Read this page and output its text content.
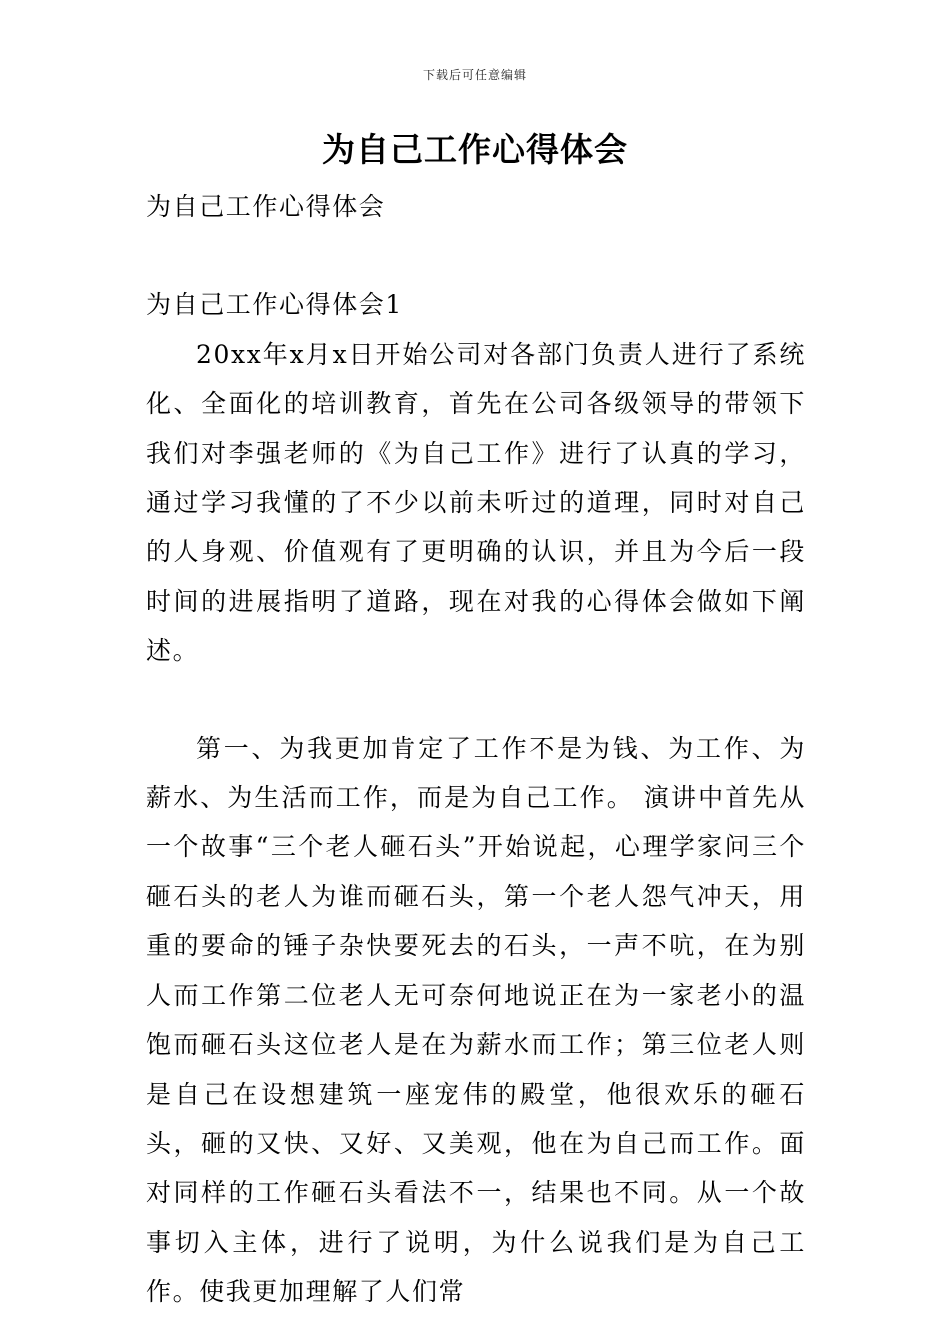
下载后可任意编辑
为自己工作心得体会

为自己工作心得体会

为自己工作心得体会1

20xx年x月x日开始公司对各部门负责人进行了系统化、全面化的培训教育，首先在公司各级领导的带领下我们对李强老师的《为自己工作》进行了认真的学习，通过学习我懂的了不少以前未听过的道理，同时对自己的人身观、价值观有了更明确的认识，并且为今后一段时间的进展指明了道路，现在对我的心得体会做如下阐述。

第一、为我更加肯定了工作不是为钱、为工作、为薪水、为生活而工作，而是为自己工作。 演讲中首先从一个故事“三个老人砸石头”开始说起，心理学家问三个砸石头的老人为谁而砸石头，第一个老人怨气冲天，用重的要命的锤子杂快要死去的石头，一声不吭，在为别人而工作第二位老人无可奈何地说正在为一家老小的温饱而砸石头这位老人是在为薪水而工作；第三位老人则是自己在设想建筑一座宠伟的殿堂，他很欢乐的砸石头，砸的又快、又好、又美观，他在为自己而工作。面对同样的工作砸石头看法不一，结果也不同。从一个故事切入主体，进行了说明，为什么说我们是为自己工作。使我更加理解了人们常
